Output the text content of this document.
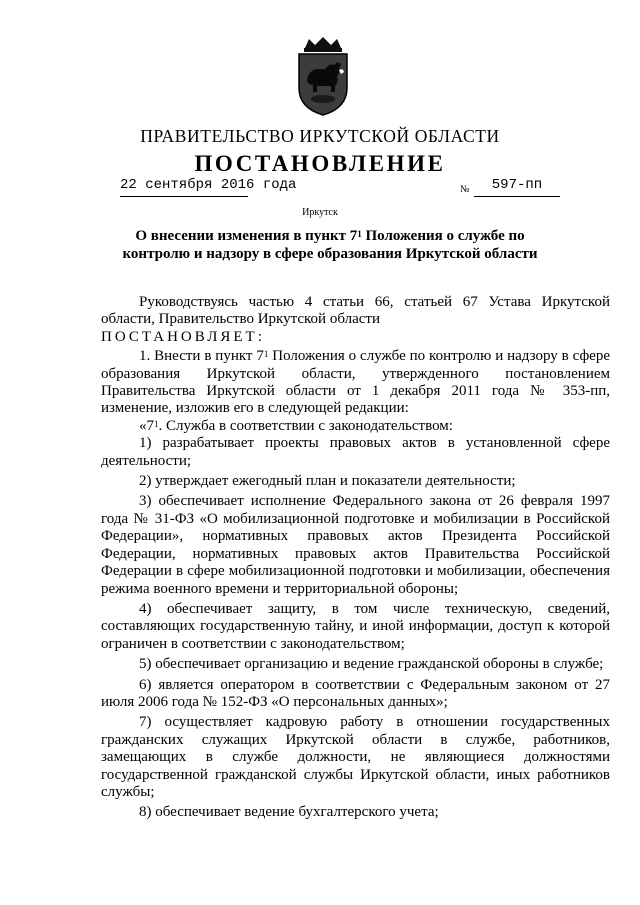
ПРАВИТЕЛЬСТВО ИРКУТСКОЙ ОБЛАСТИ
ПОСТАНОВЛЕНИЕ
22 сентября 2016 года	№	597-пп
Иркутск
О внесении изменения в пункт $7^1$ Положения о службе по контролю и надзору в сфере образования Иркутской области

Руководствуясь частью 4 статьи 66, статьей 67 Устава Иркутской области, Правительство Иркутской области

ПОСТАНОВЛЯЕТ:

1. Внести в пункт $7^1$ Положения о службе по контролю и надзору в сфере образования Иркутской области, утвержденного постановлением Правительства Иркутской области от 1 декабря 2011 года № 353-пп, изменение, изложив его в следующей редакции:

«$7^1$. Служба в соответствии с законодательством:

1) разрабатывает проекты правовых актов в установленной сфере деятельности;

2) утверждает ежегодный план и показатели деятельности;

3) обеспечивает исполнение Федерального закона от 26 февраля 1997 года № 31-ФЗ «О мобилизационной подготовке и мобилизации в Российской Федерации», нормативных правовых актов Президента Российской Федерации, нормативных правовых актов Правительства Российской Федерации в сфере мобилизационной подготовки и мобилизации, обеспечения режима военного времени и территориальной обороны;

4) обеспечивает защиту, в том числе техническую, сведений, составляющих государственную тайну, и иной информации, доступ к которой ограничен в соответствии с законодательством;

5) обеспечивает организацию и ведение гражданской обороны в службе;

6) является оператором в соответствии с Федеральным законом от 27 июля 2006 года № 152-ФЗ «О персональных данных»;

7) осуществляет кадровую работу в отношении государственных гражданских служащих Иркутской области в службе, работников, замещающих в службе должности, не являющиеся должностями государственной гражданской службы Иркутской области, иных работников службы;

8) обеспечивает ведение бухгалтерского учета;
